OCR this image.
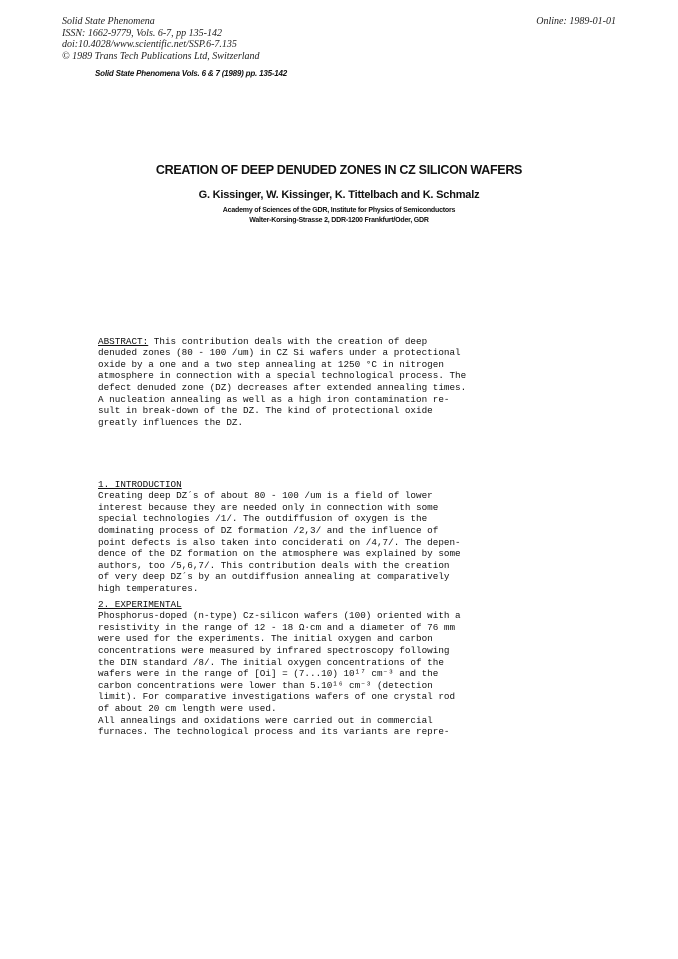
Solid State Phenomena
ISSN: 1662-9779, Vols. 6-7, pp 135-142
doi:10.4028/www.scientific.net/SSP.6-7.135
© 1989 Trans Tech Publications Ltd, Switzerland
Online: 1989-01-01
Solid State Phenomena Vols. 6 & 7 (1989) pp. 135-142
CREATION OF DEEP DENUDED ZONES IN CZ SILICON WAFERS
G. Kissinger, W. Kissinger, K. Tittelbach and K. Schmalz
Academy of Sciences of the GDR, Institute for Physics of Semiconductors
Walter-Korsing-Strasse 2, DDR-1200 Frankfurt/Oder, GDR

ABSTRACT: This contribution deals with the creation of deep
denuded zones (80 - 100 /um) in CZ Si wafers under a protectional
oxide by a one and a two step annealing at 1250 °C in nitrogen
atmosphere in connection with a special technological process. The
defect denuded zone (DZ) decreases after extended annealing times.
A nucleation annealing as well as a high iron contamination re-
sult in break-down of the DZ. The kind of protectional oxide
greatly influences the DZ.

1. INTRODUCTION
Creating deep DZ´s of about 80 - 100 /um is a field of lower
interest because they are needed only in connection with some
special technologies /1/. The outdiffusion of oxygen is the
dominating process of DZ formation /2,3/ and the influence of
point defects is also taken into conciderati on /4,7/. The depen-
dence of the DZ formation on the atmosphere was explained by some
authors, too /5,6,7/. This contribution deals with the creation
of very deep DZ´s by an outdiffusion annealing at comparatively
high temperatures.

2. EXPERIMENTAL
Phosphorus-doped (n-type) Cz-silicon wafers (100) oriented with a
resistivity in the range of 12 - 18 Ω·cm and a diameter of 76 mm
were used for the experiments. The initial oxygen and carbon
concentrations were measured by infrared spectroscopy following
the DIN standard /8/. The initial oxygen concentrations of the
wafers were in the range of [Oi] = (7...10) 10¹⁷ cm⁻³ and the
carbon concentrations were lower than 5.10¹⁶ cm⁻³ (detection
limit). For comparative investigations wafers of one crystal rod
of about 20 cm length were used.
All annealings and oxidations were carried out in commercial
furnaces. The technological process and its variants are repre-
